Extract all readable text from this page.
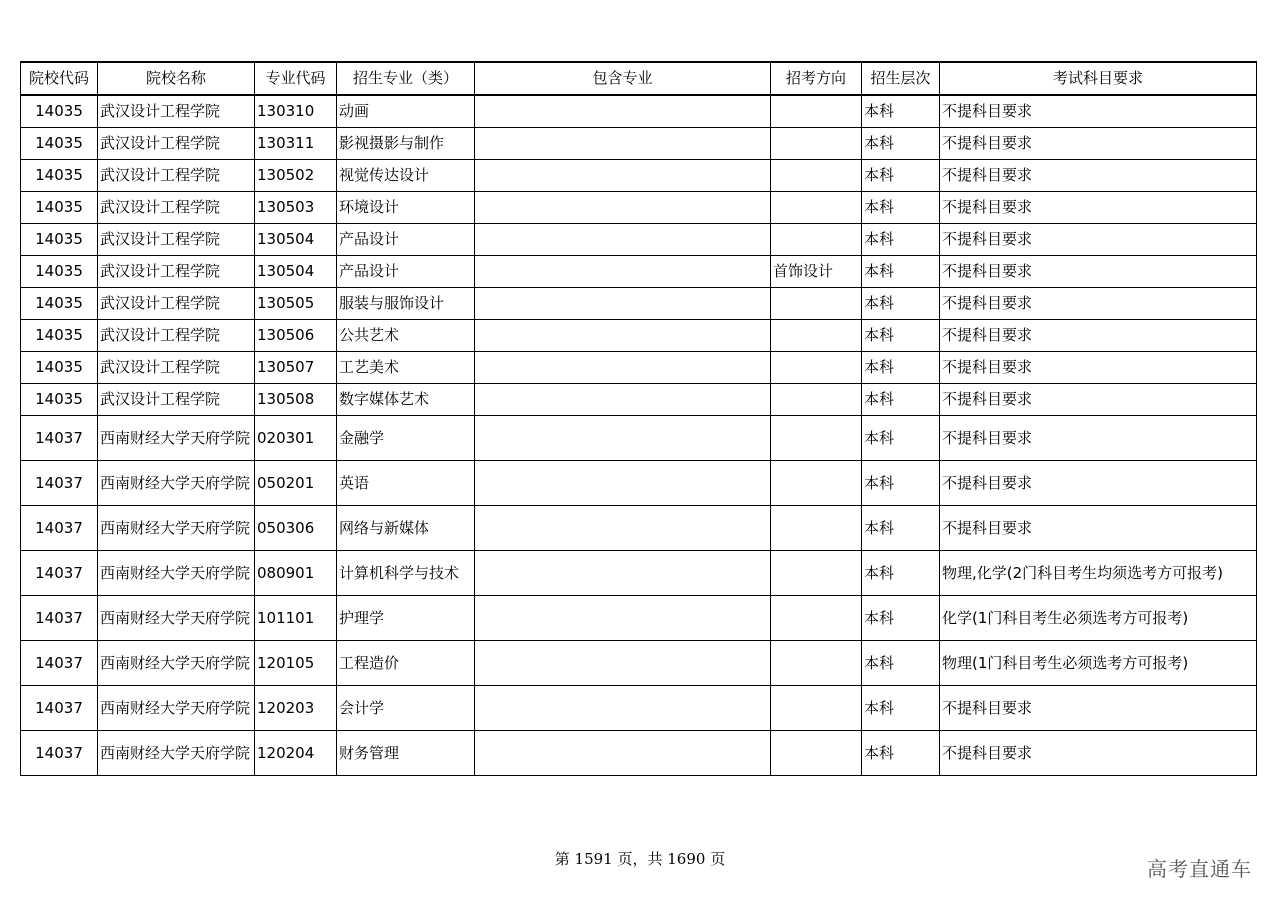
院校代码	院校名称	专业代码	招生专业（类）	包含专业	招考方向	招生层次	考试科目要求
14035	武汉设计工程学院	130310	动画			本科	不提科目要求
14035	武汉设计工程学院	130311	影视摄影与制作			本科	不提科目要求
14035	武汉设计工程学院	130502	视觉传达设计			本科	不提科目要求
14035	武汉设计工程学院	130503	环境设计			本科	不提科目要求
14035	武汉设计工程学院	130504	产品设计			本科	不提科目要求
14035	武汉设计工程学院	130504	产品设计		首饰设计	本科	不提科目要求
14035	武汉设计工程学院	130505	服装与服饰设计			本科	不提科目要求
14035	武汉设计工程学院	130506	公共艺术			本科	不提科目要求
14035	武汉设计工程学院	130507	工艺美术			本科	不提科目要求
14035	武汉设计工程学院	130508	数字媒体艺术			本科	不提科目要求
14037	西南财经大学天府学院	020301	金融学			本科	不提科目要求
14037	西南财经大学天府学院	050201	英语			本科	不提科目要求
14037	西南财经大学天府学院	050306	网络与新媒体			本科	不提科目要求
14037	西南财经大学天府学院	080901	计算机科学与技术			本科	物理,化学(2门科目考生均须选考方可报考)
14037	西南财经大学天府学院	101101	护理学			本科	化学(1门科目考生必须选考方可报考)
14037	西南财经大学天府学院	120105	工程造价			本科	物理(1门科目考生必须选考方可报考)
14037	西南财经大学天府学院	120203	会计学			本科	不提科目要求
14037	西南财经大学天府学院	120204	财务管理			本科	不提科目要求
第 1591 页，共 1690 页	高考直通车
